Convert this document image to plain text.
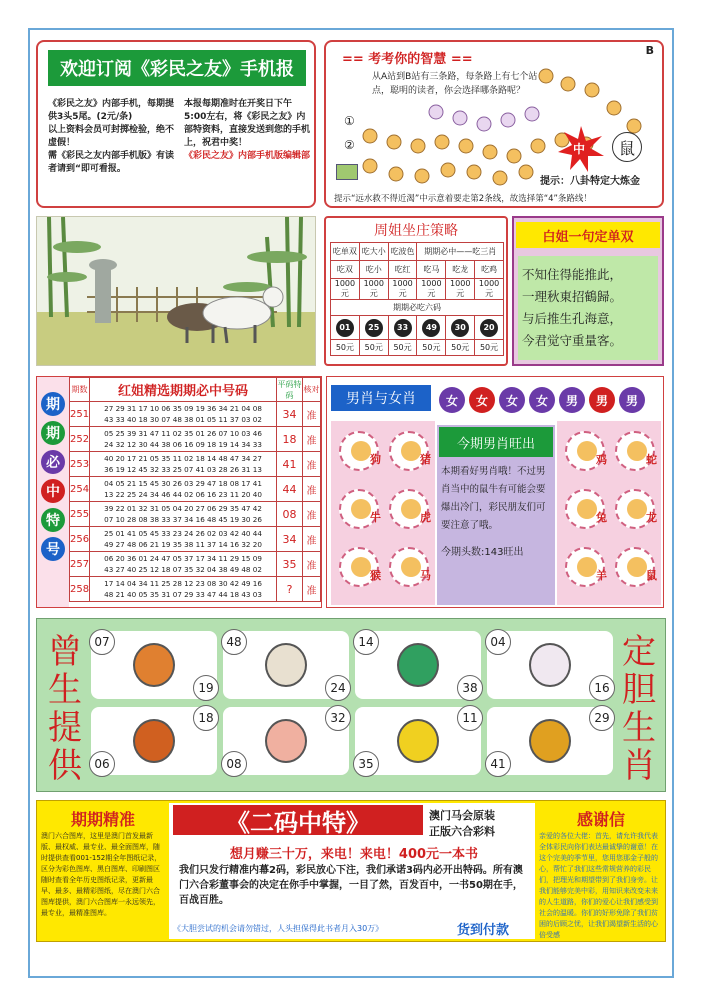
欢迎订阅《彩民之友》手机报
《彩民之友》内部手机，每期提供3头5尾。(2元/条)
以上资料会员可封掷检验，绝不虚假！
需《彩民之友内部手机版》有读者请到“即可看报。
本报每期准时在开奖日下午5:00左右，将《彩民之友》内部特资料，直接发送到您的手机上，祝君中奖！
《彩民之友》内部手机版编辑部
== 考考你的智慧 ==
B
从A站到B站有三条路，每条路上有七个站点，聪明的读者，你会选择哪条路呢？
①
②	中	鼠
提示：八卦特定大炼金
提示“远水救不得近渴”中示意着要走第2条线，故选择第“4”条路线！
周姐坐庄策略
吃单双	吃大小	吃波色	期期必中——吃三肖		
吃双	吃小	吃红	吃马	吃龙	吃鸡
1000元	1000元	1000元	1000元	1000元	1000元
期期必吃六码					
01	25	33	49	30	20
50元	50元	50元	50元	50元	50元
白姐一句定单双
不知住得能推此，
一理秋東招鶴歸。
与后推生孔海意，
今君觉守重量客。
期
期
必
中
特
号
期数	红姐精选期期必中号码	平码特码	核对
251	27 29 31 17 10 06 35 09 19 36 34 21 04 08
43 33 40 18 30 07 48 38 01 05 11 37 03 02	34	准
252	05 25 39 31 47 11 02 35 01 26 07 10 03 46
24 32 12 30 44 38 06 16 09 18 19 14 34 33	18	准
253	40 20 17 21 05 35 11 02 18 14 48 47 34 27
36 19 12 45 32 33 25 07 41 03 28 26 31 13	41	准
254	04 05 21 15 45 30 26 03 29 47 18 08 17 41
13 22 25 24 34 46 44 02 06 16 23 11 20 40	44	准
255	39 22 01 32 31 05 04 20 27 06 29 35 47 42
07 10 28 08 38 33 37 34 16 48 45 19 30 26	08	准
256	25 01 41 05 45 33 23 24 26 02 03 42 40 44
49 27 48 06 21 19 35 38 11 37 14 16 32 20	34	准
257	06 20 36 01 24 47 05 37 17 34 11 29 15 09
43 27 40 25 12 18 07 35 32 04 38 49 48 02	35	准
258	17 14 04 34 11 25 28 12 23 08 30 42 49 16
48 21 40 05 35 31 07 29 33 47 44 18 43 03	?	准
男肖与女肖	女	女	女	女	男	男	男
狗	猪
牛	虎
猴	马
鸡	蛇
兔	龙
羊	鼠
今期男肖旺出
本期看好男肖哦！不过男肖当中的鼠牛有可能会要爆出冷门，彩民朋友们可要注意了哦。
今期头数:143旺出
曾
生
提
供
定
胆
生
肖
07
19
48
24
14
38
04
16
06
18
08
32
35
11
41
29
期期精准
澳门六合图库，这里是澳门首发最新版、最权威、最专业、最全面图库，随时提供查看001-152期全年图纸记录，区分为彩色图库、黑白图库、印刷图区 随时查看全年历史图纸记录，更新最早、最多、最精彩图纸，尽在澳门六合图库提供，澳门六合图库一永远领先，最专业，最精准图库。
《二码中特》	澳门马会原装
正版六合彩料
想月赚三十万，来电！来电！400元一本书
我们只发行精准内幕2码，彩民放心下注，我们承诺3码内必开出特码。所有澳门六合彩董事会的决定在你手中掌握，一目了然，百发百中，一书50期在手，百战百胜。
《大胆尝试的机会请勿错过，人头担保得此书者月入30万》	货到付款
感谢信
亲爱的各位大佬：首先，请允许我代表全体彩民向你们表达最诚挚的谢意！在这个完美的季节里，您用您那金子般的心，帮忙了我们这些常规营养的彩民们，把理光和期望带到了我们身旁。让我们能够完美中彩，用知识来改变未来的人生道路，你们的爱心让我们感受到社会的温暖。你们的好形免除了我们贫困的后顾之忧，让我们渴望新生活的心倍受感
